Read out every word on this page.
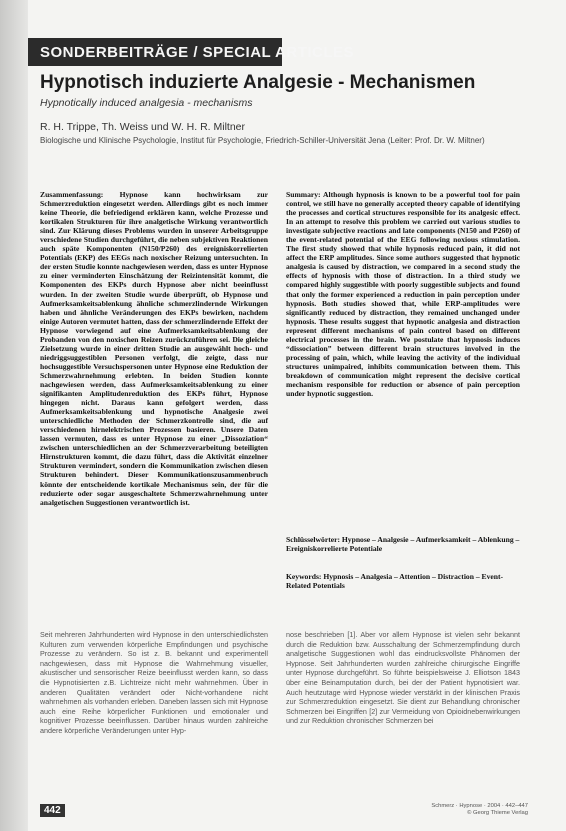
SONDERBEITRÄGE / SPECIAL ARTICLES
Hypnotisch induzierte Analgesie - Mechanismen
Hypnotically induced analgesia - mechanisms
R. H. Trippe, Th. Weiss und W. H. R. Miltner
Biologische und Klinische Psychologie, Institut für Psychologie, Friedrich-Schiller-Universität Jena (Leiter: Prof. Dr. W. Miltner)

Zusammenfassung: Hypnose kann hochwirksam zur Schmerzreduktion eingesetzt werden. Allerdings gibt es noch immer keine Theorie, die befriedigend erklären kann, welche Prozesse und kortikalen Strukturen für ihre analgetische Wirkung verantwortlich sind. Zur Klärung dieses Problems wurden in unserer Arbeitsgruppe verschiedene Studien durchgeführt, die neben subjektiven Reaktionen auch späte Komponenten (N150/P260) des ereigniskorrelierten Potentials (EKP) des EEGs nach noxischer Reizung untersuchten. In der ersten Studie konnte nachgewiesen werden, dass es unter Hypnose zu einer verminderten Einschätzung der Reizintensität kommt, die Komponenten des EKPs durch Hypnose aber nicht beeinflusst wurden. In der zweiten Studie wurde überprüft, ob Hypnose und Aufmerksamkeitsablenkung ähnliche schmerzlindernde Wirkungen haben und ähnliche Veränderungen des EKPs bewirken, nachdem einige Autoren vermutet hatten, dass der schmerzlindernde Effekt der Hypnose vorwiegend auf eine Aufmerksamkeitsablenkung der Probanden von den noxischen Reizen zurückzuführen sei. Die gleiche Zielsetzung wurde in einer dritten Studie an ausgewählt hoch- und niedriggsuggestiblen Personen verfolgt, die zeigte, dass nur hochsuggestible Versuchspersonen unter Hypnose eine Reduktion der Schmerzwahrnehmung erlebten. In beiden Studien konnte nachgewiesen werden, dass Aufmerksamkeitsablenkung zu einer signifikanten Amplitudenreduktion des EKPs führt, Hypnose hingegen nicht. Daraus kann gefolgert werden, dass Aufmerksamkeitsablenkung und hypnotische Analgesie zwei unterschiedliche Methoden der Schmerzkontrolle sind, die auf verschiedenen hirnelektrischen Prozessen basieren. Unsere Daten lassen vermuten, dass es unter Hypnose zu einer „Dissoziation“ zwischen unterschiedlichen an der Schmerzverarbeitung beteiligten Hirnstrukturen kommt, die dazu führt, dass die Aktivität einzelner Strukturen vermindert, sondern die Kommunikation zwischen diesen Strukturen behindert. Dieser Kommunikationszusammenbruch könnte der entscheidende kortikale Mechanismus sein, der für die reduzierte oder sogar ausgeschaltete Schmerzwahrnehmung unter analgetischen Suggestionen verantwortlich ist.

Summary: Although hypnosis is known to be a powerful tool for pain control, we still have no generally accepted theory capable of identifying the processes and cortical structures responsible for its analgesic effect. In an attempt to resolve this problem we carried out various studies to investigate subjective reactions and late components (N150 and P260) of the event-related potential of the EEG following noxious stimulation. The first study showed that while hypnosis reduced pain, it did not affect the ERP amplitudes. Since some authors suggested that hypnotic analgesia is caused by distraction, we compared in a second study the effects of hypnosis with those of distraction. In a third study we compared highly suggestible with poorly suggestible subjects and found that only the former experienced a reduction in pain perception under hypnosis. Both studies showed that, while ERP-amplitudes were significantly reduced by distraction, they remained unchanged under hypnosis. These results suggest that hypnotic analgesia and distraction represent different mechanisms of pain control based on different electrical processes in the brain. We postulate that hypnosis induces “dissociation” between different brain structures involved in the processing of pain, which, while leaving the activity of the individual structures unimpaired, inhibits communication between them. This breakdown of communication might represent the decisive cortical mechanism responsible for reduction or absence of pain perception under hypnotic suggestion.

Schlüsselwörter: Hypnose – Analgesie – Aufmerksamkeit – Ablenkung – Ereigniskorrelierte Potentiale
Keywords: Hypnosis – Analgesia – Attention – Distraction – Event-Related Potentials
Seit mehreren Jahrhunderten wird Hypnose in den unterschiedlichsten Kulturen zum verwenden körperliche Empfindungen und psychische Prozesse zu verändern. So ist z. B. bekannt und experimentell nachgewiesen, dass mit Hypnose die Wahrnehmung visueller, akustischer und sensorischer Reize beeinflusst werden kann, so dass die Hypnotisierten z.B. Lichtreize nicht mehr wahrnehmen. Über in anderen Qualitäten verändert oder Nicht-vorhandene nicht wahrnehmen als vorhanden erleben. Daneben lassen sich mit Hypnose auch eine Reihe körperlicher Funktionen und emotionaler und kognitiver Prozesse beeinflussen. Darüber hinaus wurden zahlreiche andere körperliche Veränderungen unter Hyp-
nose beschrieben [1]. Aber vor allem Hypnose ist vielen sehr bekannt durch die Reduktion bzw. Ausschaltung der Schmerzempfindung durch analgetische Suggestionen wohl das eindrucksvollste Phänomen der Hypnose. Seit Jahrhunderten wurden zahlreiche chirurgische Eingriffe unter Hypnose durchgeführt. So führte beispielsweise J. Elliotson 1843 über eine Beinamputation durch, bei der der Patient hypnotisiert war. Auch heutzutage wird Hypnose wieder verstärkt in der klinischen Praxis zur Schmerzreduktion eingesetzt. Sie dient zur Behandlung chronischer Schmerzen bei Eingriffen [2] zur Vermeidung von Opioidnebenwirkungen und zur Reduktion chronischer Schmerzen bei
442	Schmerz · Hypnose · 2004 · 442–447
© Georg Thieme Verlag
